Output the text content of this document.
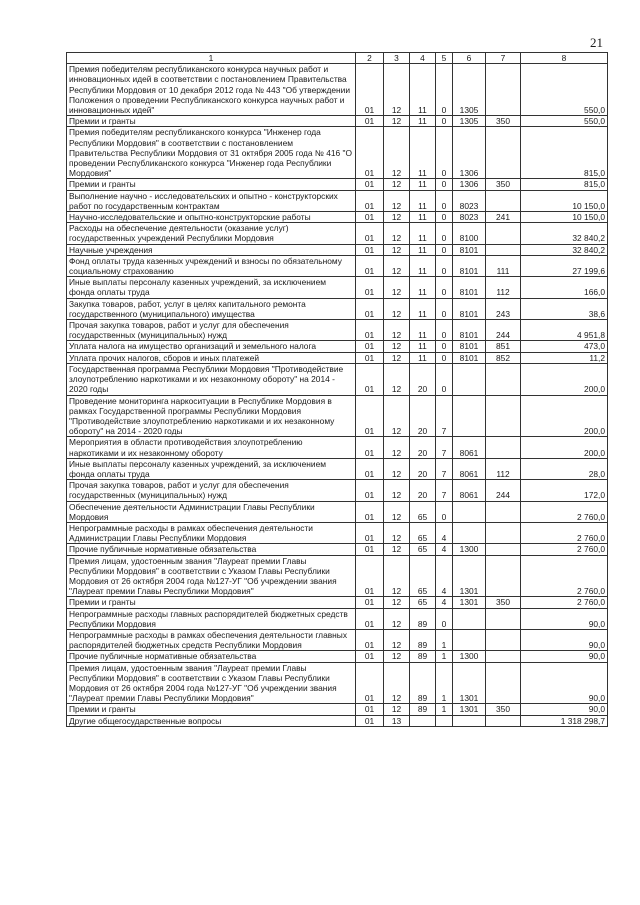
21
1	2	3	4	5	6	7	8
Премия победителям республиканского конкурса научных работ и инновационных идей в соответствии с постановлением Правительства Республики Мордовия от 10 декабря 2012 года № 443 "Об утверждении Положения о проведении Республиканского конкурса научных работ и инновационных идей"	01	12	11	0	1305		550,0
Премии и гранты	01	12	11	0	1305	350	550,0
Премия победителям республиканского конкурса "Инженер года Республики Мордовия" в соответствии с постановлением Правительства Республики Мордовия от 31 октября 2005 года № 416 "О проведении Республиканского конкурса "Инженер года Республики Мордовия"	01	12	11	0	1306		815,0
Премии и гранты	01	12	11	0	1306	350	815,0
Выполнение научно - исследовательских и опытно - конструкторских работ по государственным контрактам	01	12	11	0	8023		10 150,0
Научно-исследовательские и опытно-конструкторские работы	01	12	11	0	8023	241	10 150,0
Расходы на обеспечение деятельности (оказание услуг) государственных учреждений Республики Мордовия	01	12	11	0	8100		32 840,2
Научные учреждения	01	12	11	0	8101		32 840,2
Фонд оплаты труда казенных учреждений и взносы по обязательному социальному страхованию	01	12	11	0	8101	111	27 199,6
Иные выплаты персоналу казенных учреждений, за исключением фонда оплаты труда	01	12	11	0	8101	112	166,0
Закупка товаров, работ, услуг в целях капитального ремонта государственного (муниципального) имущества	01	12	11	0	8101	243	38,6
Прочая закупка товаров, работ и услуг для обеспечения государственных (муниципальных) нужд	01	12	11	0	8101	244	4 951,8
Уплата налога на имущество организаций и земельного налога	01	12	11	0	8101	851	473,0
Уплата прочих налогов, сборов и иных платежей	01	12	11	0	8101	852	11,2
Государственная программа Республики Мордовия "Противодействие злоупотреблению наркотиками и их незаконному обороту" на 2014 - 2020 годы	01	12	20	0			200,0
Проведение мониторинга наркоситуации в Республике Мордовия в рамках Государственной программы Республики Мордовия "Противодействие злоупотреблению наркотиками и их незаконному обороту" на 2014 - 2020 годы	01	12	20	7			200,0
Мероприятия в области противодействия злоупотреблению наркотиками и их незаконному обороту	01	12	20	7	8061		200,0
Иные выплаты персоналу казенных учреждений, за исключением фонда оплаты труда	01	12	20	7	8061	112	28,0
Прочая закупка товаров, работ и услуг для обеспечения государственных (муниципальных) нужд	01	12	20	7	8061	244	172,0
Обеспечение деятельности Администрации Главы Республики Мордовия	01	12	65	0			2 760,0
Непрограммные расходы в рамках обеспечения деятельности Администрации Главы Республики Мордовия	01	12	65	4			2 760,0
Прочие публичные нормативные обязательства	01	12	65	4	1300		2 760,0
Премия лицам, удостоенным звания "Лауреат премии Главы Республики Мордовия" в соответствии с Указом Главы Республики Мордовия от 26 октября 2004 года №127-УГ "Об учреждении звания "Лауреат премии Главы Республики Мордовия"	01	12	65	4	1301		2 760,0
Премии и гранты	01	12	65	4	1301	350	2 760,0
Непрограммные расходы главных распорядителей бюджетных средств Республики Мордовия	01	12	89	0			90,0
Непрограммные расходы в рамках обеспечения деятельности главных распорядителей бюджетных средств Республики Мордовия	01	12	89	1			90,0
Прочие публичные нормативные обязательства	01	12	89	1	1300		90,0
Премия лицам, удостоенным звания "Лауреат премии Главы Республики Мордовия" в соответствии с Указом Главы Республики Мордовия от 26 октября 2004 года №127-УГ "Об учреждении звания "Лауреат премии Главы Республики Мордовия"	01	12	89	1	1301		90,0
Премии и гранты	01	12	89	1	1301	350	90,0
Другие общегосударственные вопросы	01	13					1 318 298,7
